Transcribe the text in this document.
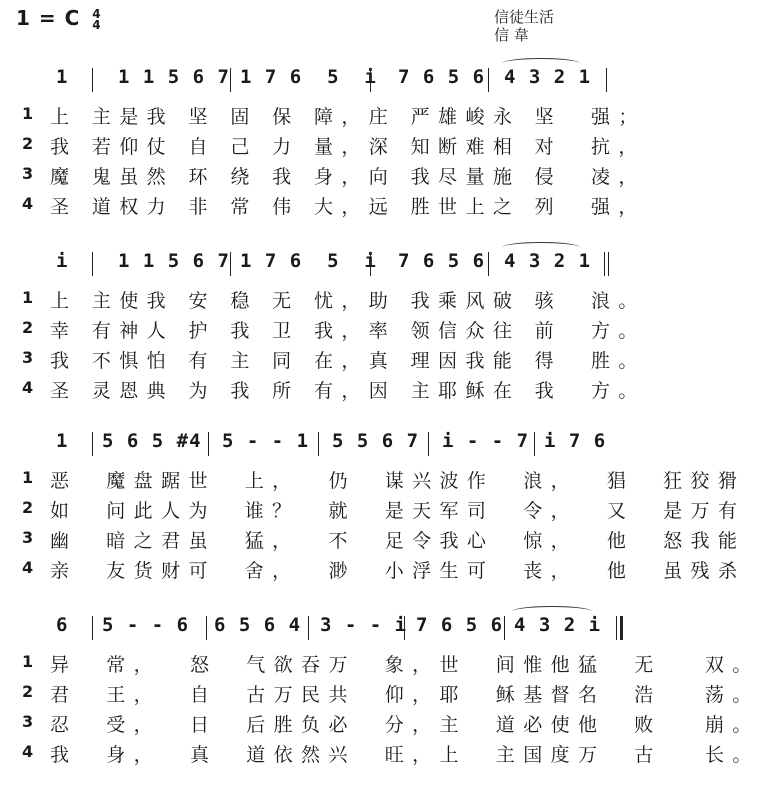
1 = C 4
4	信徒生活
信 韋
1	1 1 5 6 7 1 7 6  5  i 7 6 5 6 4 3 2 1
1 上 主是我 坚 固 保 障，庄 严雄峻永 坚  强；
2 我 若仰仗 自 己 力 量，深 知断难相 对  抗，
3 魔 鬼虽然 环 绕 我 身，向 我尽量施 侵  凌，
4 圣 道权力 非 常 伟 大，远 胜世上之 列  强，
i	1 1 5 6 7 1 7 6  5  i 7 6 5 6 4 3 2 1
1 上 主使我 安 稳 无 忧，助 我乘风破 骇  浪。
2 幸 有神人 护 我 卫 我，率 领信众往 前  方。
3 我 不惧怕 有 主 同 在，真 理因我能 得  胜。
4 圣 灵恩典 为 我 所 有，因 主耶稣在 我  方。
1 5 6 5 #4 5 - - 1 5 5 6 7 i - - 7 i 7 6
1 恶  魔盘踞世  上，  仍  谋兴波作  浪，  猖  狂狡猾
2 如  问此人为  谁？  就  是天军司  令，  又  是万有
3 幽  暗之君虽  猛，  不  足令我心  惊，  他  怒我能
4 亲  友货财可  舍，  渺  小浮生可  丧，  他  虽残杀
6 5 - - 6 6 5 6 4 3 - - i 7 6 5 6 4 3 2 i
1 异  常，  怒  气欲吞万  象，世  间惟他猛  无   双。
2 君  王，  自  古万民共  仰，耶  稣基督名  浩   荡。
3 忍  受，  日  后胜负必  分，主  道必使他  败   崩。
4 我  身，  真  道依然兴  旺，上  主国度万  古   长。
